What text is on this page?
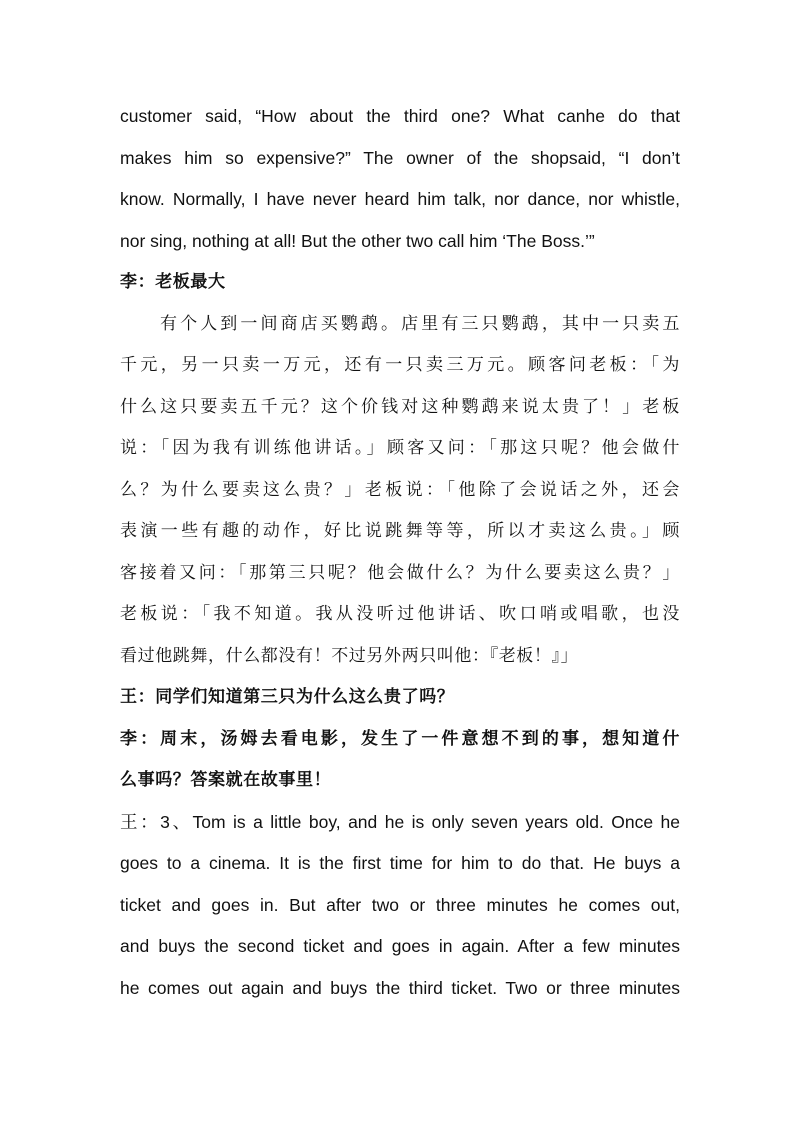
customer said, “How about the third one? What canhe do that
makes him so expensive?” The owner of the shopsaid, “I don’t
know. Normally, I have never heard him talk, nor dance, nor whistle,
nor sing, nothing at all! But the other two call him ‘The Boss.’”
李：老板最大
有个人到一间商店买鹦鹉。店里有三只鹦鹉，其中一只卖五
千元，另一只卖一万元，还有一只卖三万元。顾客问老板：「为
什么这只要卖五千元？这个价钱对这种鹦鹉来说太贵了！」老板
说：「因为我有训练他讲话。」顾客又问：「那这只呢？他会做什
么？为什么要卖这么贵？」老板说：「他除了会说话之外，还会
表演一些有趣的动作，好比说跳舞等等，所以才卖这么贵。」顾
客接着又问：「那第三只呢？他会做什么？为什么要卖这么贵？」
老板说：「我不知道。我从没听过他讲话、吹口哨或唱歌，也没
看过他跳舞，什么都没有！不过另外两只叫他：『老板！』」
王：同学们知道第三只为什么这么贵了吗？
李：周末，汤姆去看电影，发生了一件意想不到的事，想知道什
么事吗？答案就在故事里！
王：3、Tom is a little boy, and he is only seven years old. Once he
goes to a cinema. It is the first time for him to do that. He buys a
ticket and goes in. But after two or three minutes he comes out,
and buys the second ticket and goes in again. After a few minutes
he comes out again and buys the third ticket. Two or three minutes
